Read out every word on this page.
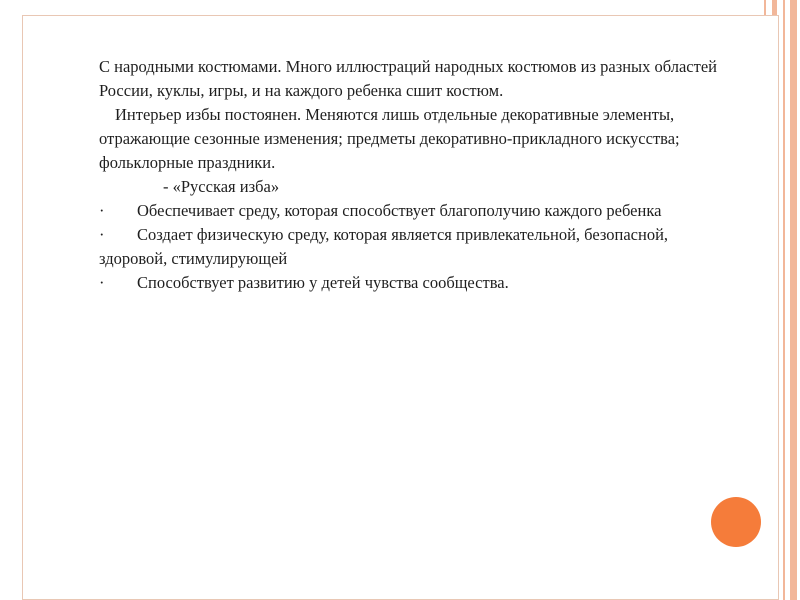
С народными костюмами. Много иллюстраций народных костюмов из разных областей России, куклы, игры, и на каждого ребенка сшит костюм.

Интерьер избы постоянен. Меняются лишь отдельные декоративные элементы, отражающие сезонные изменения; предметы декоративно-прикладного искусства; фольклорные праздники.

- «Русская изба»

· Обеспечивает среду, которая способствует благополучию каждого ребенка

· Создает физическую среду, которая является привлекательной, безопасной, здоровой, стимулирующей

· Способствует развитию у детей чувства сообщества.
